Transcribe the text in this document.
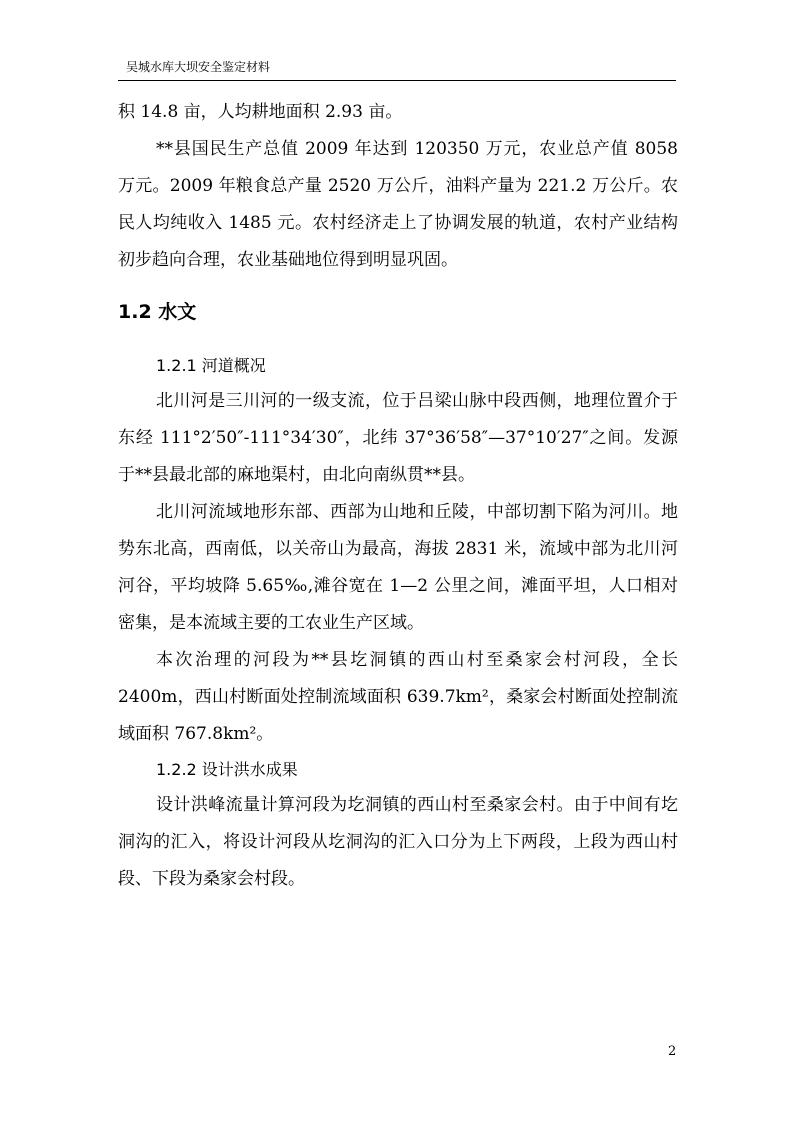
吴城水库大坝安全鉴定材料

积 14.8 亩，人均耕地面积 2.93 亩。

**县国民生产总值 2009 年达到 120350 万元，农业总产值 8058 万元。2009 年粮食总产量 2520 万公斤，油料产量为 221.2 万公斤。农民人均纯收入 1485 元。农村经济走上了协调发展的轨道，农村产业结构初步趋向合理，农业基础地位得到明显巩固。

1.2 水文
1.2.1 河道概况

北川河是三川河的一级支流，位于吕梁山脉中段西侧，地理位置介于东经 111°2′50″-111°34′30″，北纬 37°36′58″—37°10′27″之间。发源于**县最北部的麻地渠村，由北向南纵贯**县。

北川河流域地形东部、西部为山地和丘陵，中部切割下陷为河川。地势东北高，西南低，以关帝山为最高，海拔 2831 米，流域中部为北川河河谷，平均坡降 5.65‰,滩谷宽在 1—2 公里之间，滩面平坦，人口相对密集，是本流域主要的工农业生产区域。

本次治理的河段为**县圪洞镇的西山村至桑家会村河段，全长 2400m，西山村断面处控制流域面积 639.7km²，桑家会村断面处控制流域面积 767.8km²。

1.2.2 设计洪水成果

设计洪峰流量计算河段为圪洞镇的西山村至桑家会村。由于中间有圪洞沟的汇入，将设计河段从圪洞沟的汇入口分为上下两段，上段为西山村段、下段为桑家会村段。

2
